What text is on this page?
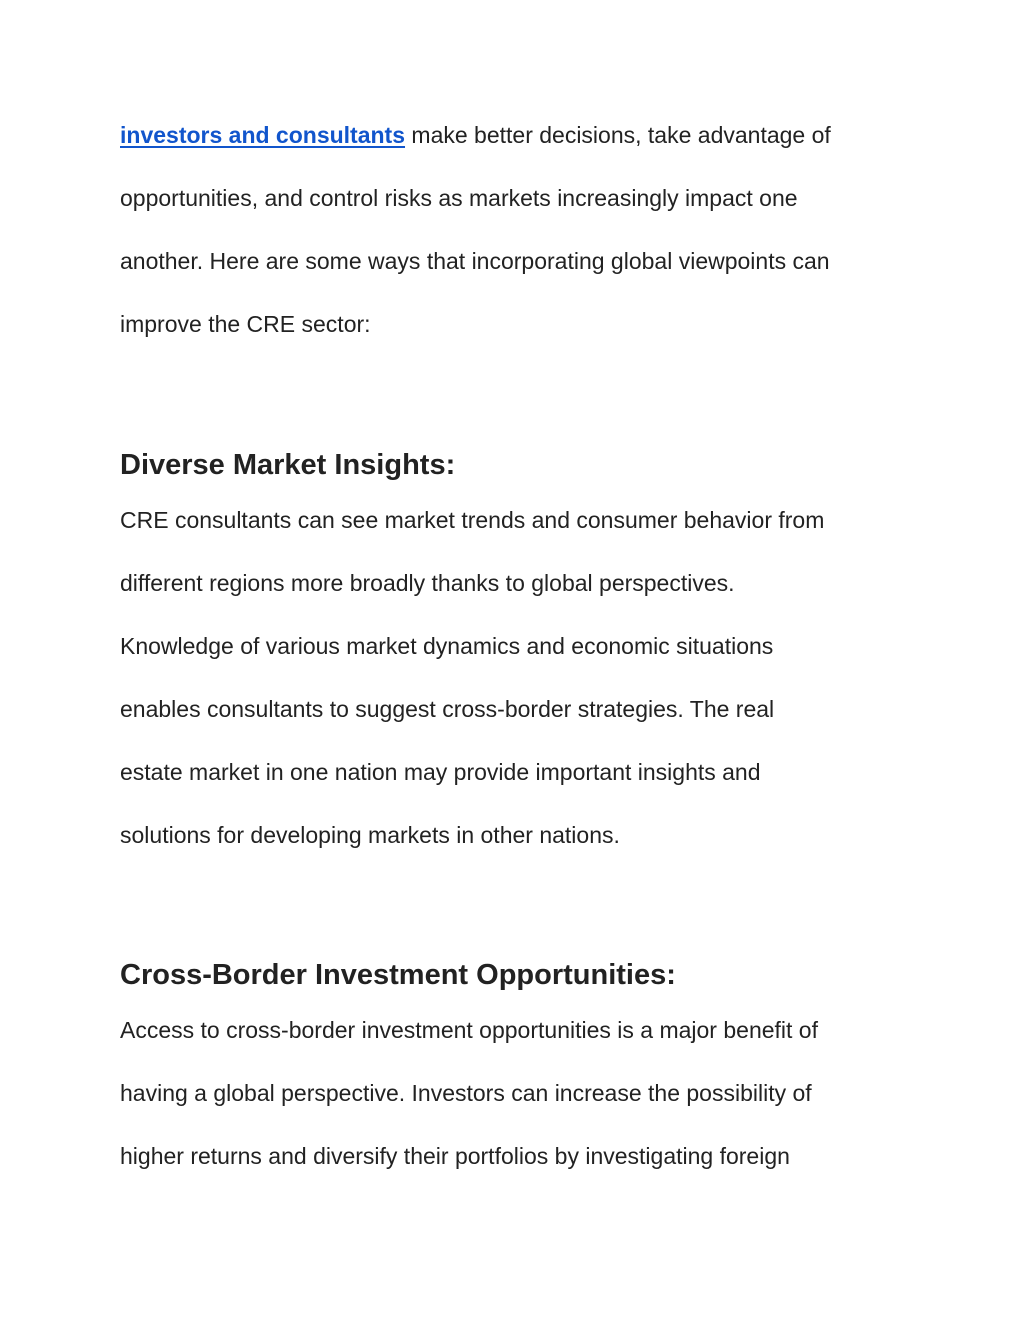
investors and consultants make better decisions, take advantage of
opportunities, and control risks as markets increasingly impact one
another. Here are some ways that incorporating global viewpoints can
improve the CRE sector:
Diverse Market Insights:
CRE consultants can see market trends and consumer behavior from
different regions more broadly thanks to global perspectives.
Knowledge of various market dynamics and economic situations
enables consultants to suggest cross-border strategies. The real
estate market in one nation may provide important insights and
solutions for developing markets in other nations.
Cross-Border Investment Opportunities:
Access to cross-border investment opportunities is a major benefit of
having a global perspective. Investors can increase the possibility of
higher returns and diversify their portfolios by investigating foreign
